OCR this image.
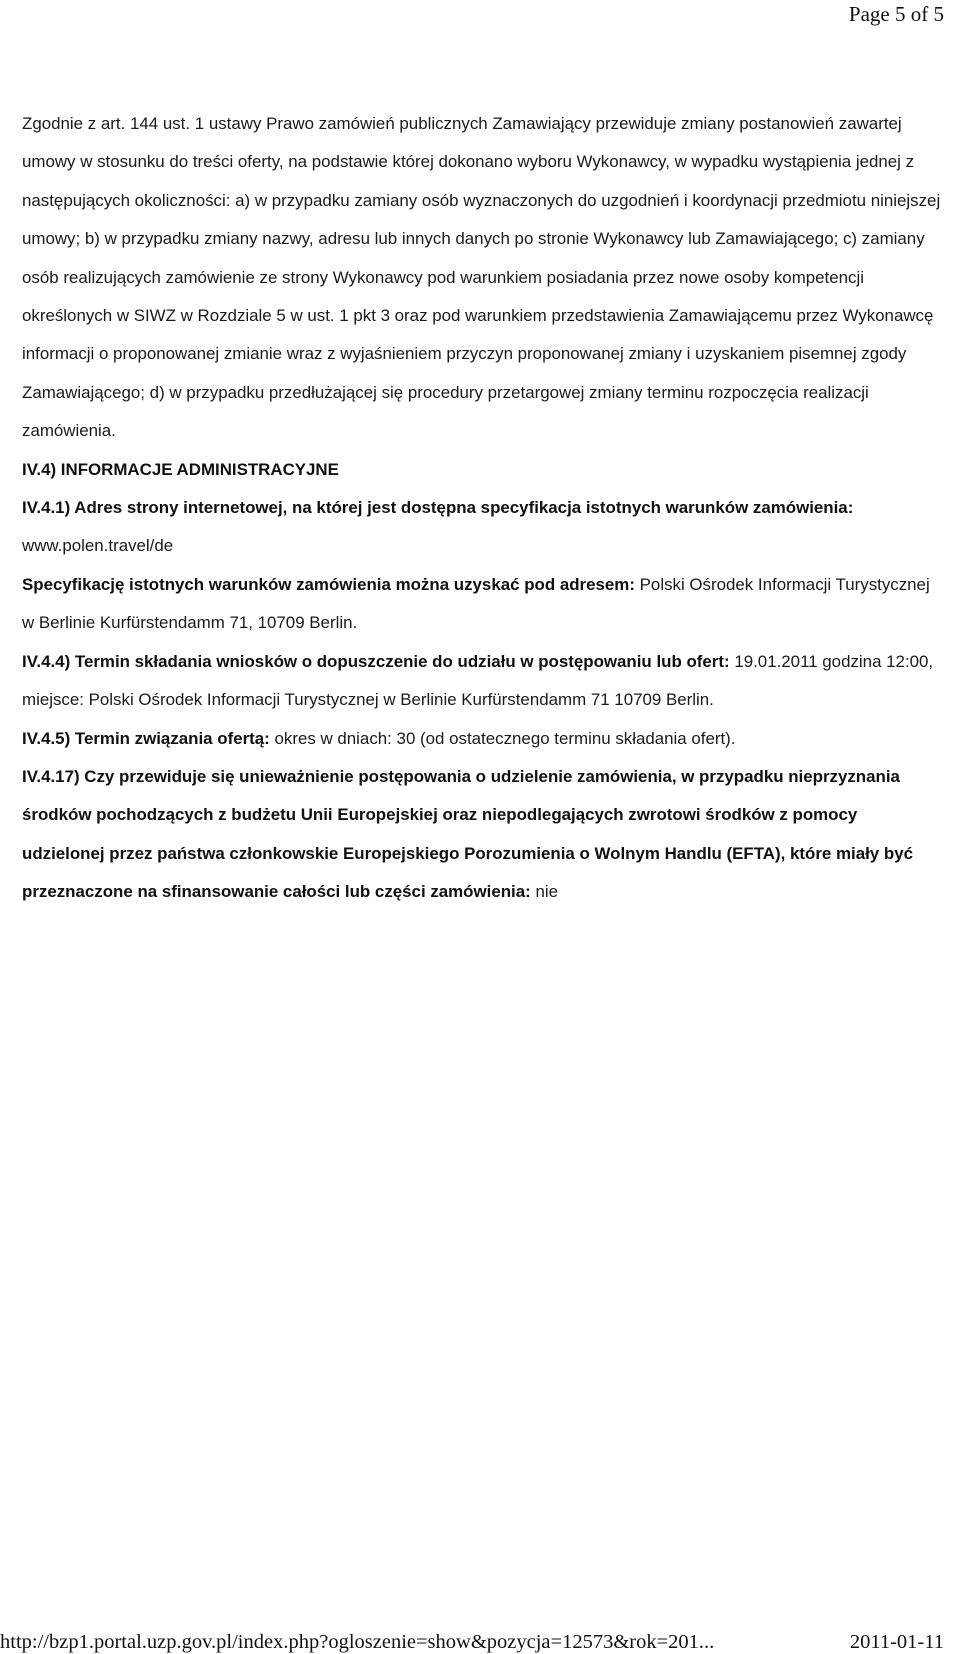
Page 5 of 5

Zgodnie z art. 144 ust. 1 ustawy Prawo zamówień publicznych Zamawiający przewiduje zmiany postanowień zawartej umowy w stosunku do treści oferty, na podstawie której dokonano wyboru Wykonawcy, w wypadku wystąpienia jednej z następujących okoliczności: a) w przypadku zamiany osób wyznaczonych do uzgodnień i koordynacji przedmiotu niniejszej umowy; b) w przypadku zmiany nazwy, adresu lub innych danych po stronie Wykonawcy lub Zamawiającego; c) zamiany osób realizujących zamówienie ze strony Wykonawcy pod warunkiem posiadania przez nowe osoby kompetencji określonych w SIWZ w Rozdziale 5 w ust. 1 pkt 3 oraz pod warunkiem przedstawienia Zamawiającemu przez Wykonawcę informacji o proponowanej zmianie wraz z wyjaśnieniem przyczyn proponowanej zmiany i uzyskaniem pisemnej zgody Zamawiającego; d) w przypadku przedłużającej się procedury przetargowej zmiany terminu rozpoczęcia realizacji zamówienia.

IV.4) INFORMACJE ADMINISTRACYJNE

IV.4.1) Adres strony internetowej, na której jest dostępna specyfikacja istotnych warunków zamówienia: www.polen.travel/de

Specyfikację istotnych warunków zamówienia można uzyskać pod adresem: Polski Ośrodek Informacji Turystycznej w Berlinie Kurfürstendamm 71, 10709 Berlin.

IV.4.4) Termin składania wniosków o dopuszczenie do udziału w postępowaniu lub ofert: 19.01.2011 godzina 12:00, miejsce: Polski Ośrodek Informacji Turystycznej w Berlinie Kurfürstendamm 71 10709 Berlin.

IV.4.5) Termin związania ofertą: okres w dniach: 30 (od ostatecznego terminu składania ofert).

IV.4.17) Czy przewiduje się unieważnienie postępowania o udzielenie zamówienia, w przypadku nieprzyznania środków pochodzących z budżetu Unii Europejskiej oraz niepodlegających zwrotowi środków z pomocy udzielonej przez państwa członkowskie Europejskiego Porozumienia o Wolnym Handlu (EFTA), które miały być przeznaczone na sfinansowanie całości lub części zamówienia: nie

http://bzp1.portal.uzp.gov.pl/index.php?ogloszenie=show&pozycja=12573&rok=201...	2011-01-11
